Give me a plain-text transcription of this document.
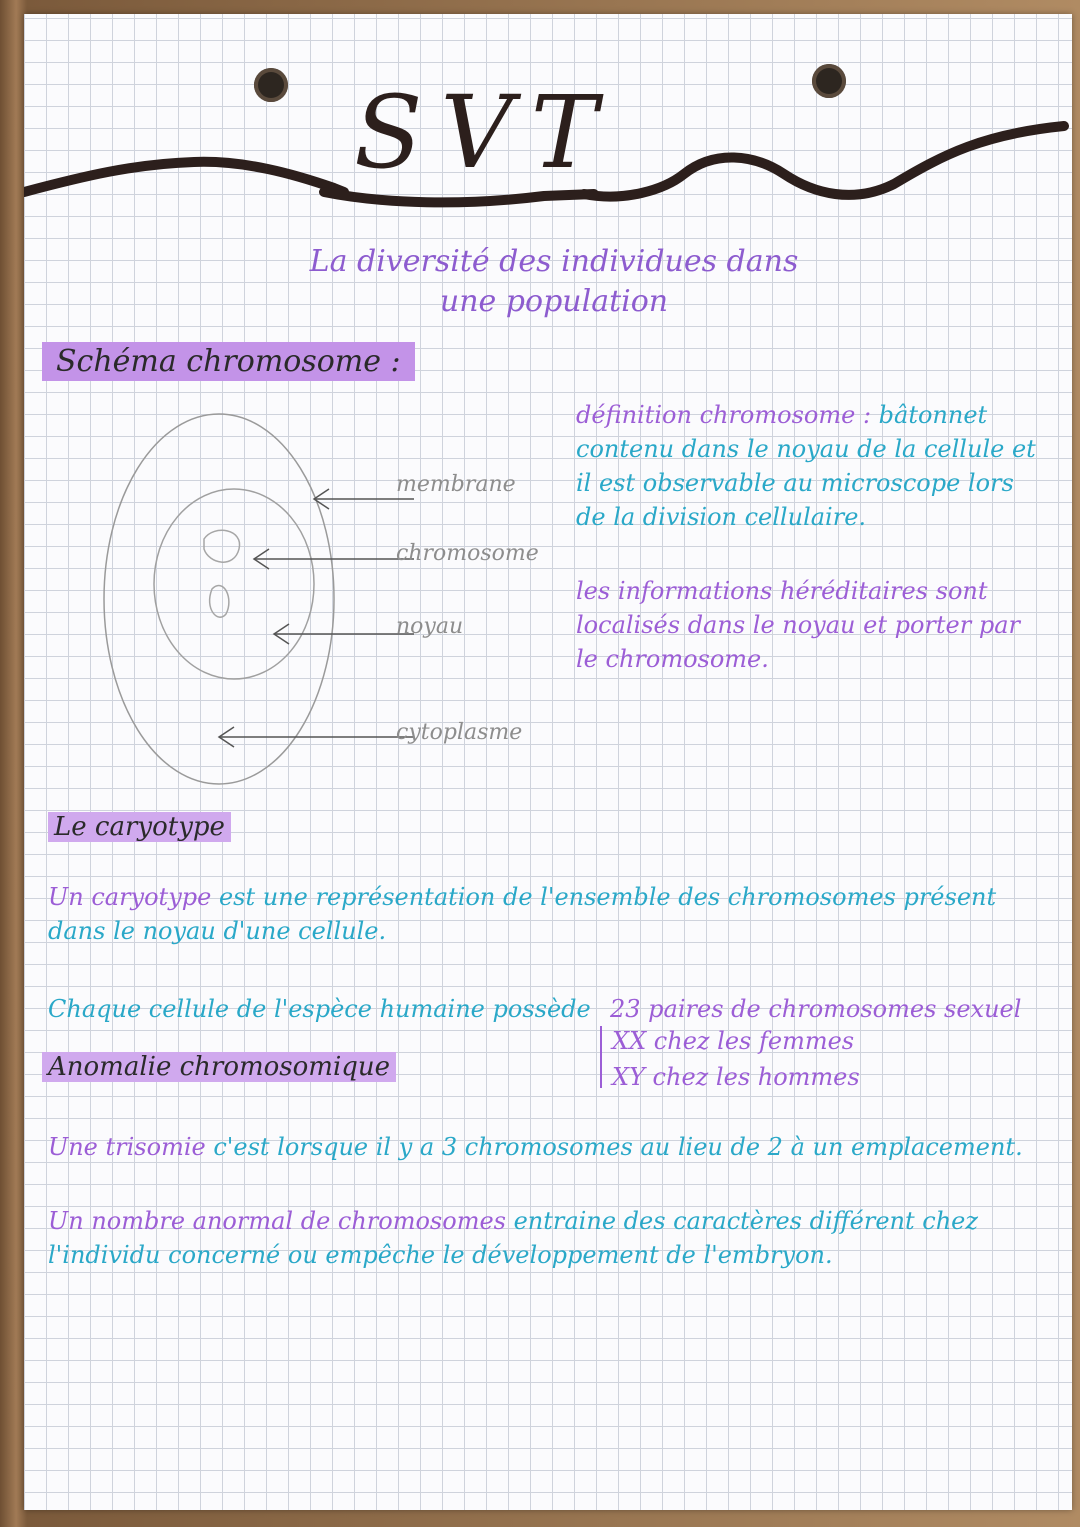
SVT
La diversité des individues dans
une population
Schéma chromosome :
membrane
chromosome
noyau
cytoplasme
définition chromosome : bâtonnet contenu dans le noyau de la cellule et il est observable au microscope lors de la division cellulaire.
les informations héréditaires sont localisés dans le noyau et porter par le chromosome.
Le caryotype
Un caryotype est une représentation de l'ensemble des chromosomes présent dans le noyau d'une cellule.
Chaque cellule de l'espèce humaine possède 23 paires de chromosomes sexuel
XX chez les femmes
XY chez les hommes
Anomalie chromosomique
Une trisomie c'est lorsque il y a 3 chromosomes au lieu de 2 à un emplacement.
Un nombre anormal de chromosomes entraine des caractères différent chez l'individu concerné ou empêche le développement de l'embryon.
